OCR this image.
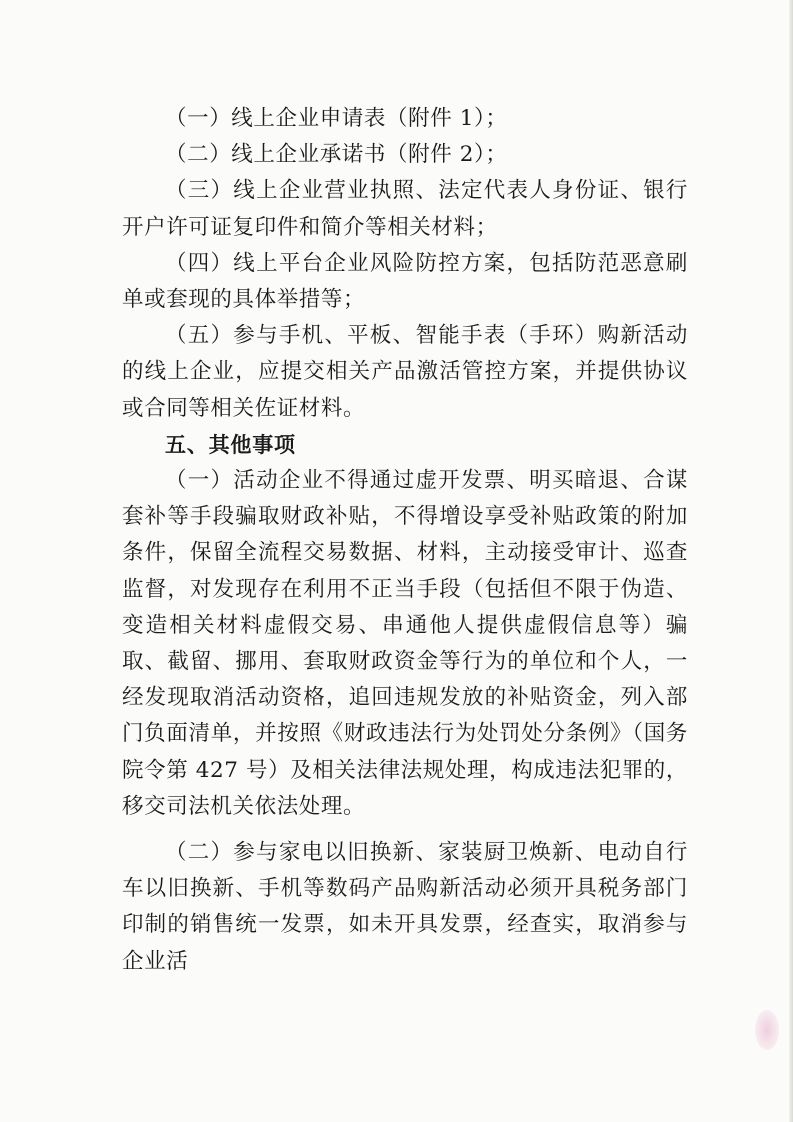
（一）线上企业申请表（附件 1）；

（二）线上企业承诺书（附件 2）；

（三）线上企业营业执照、法定代表人身份证、银行开户许可证复印件和简介等相关材料；

（四）线上平台企业风险防控方案，包括防范恶意刷单或套现的具体举措等；

（五）参与手机、平板、智能手表（手环）购新活动的线上企业，应提交相关产品激活管控方案，并提供协议或合同等相关佐证材料。

五、其他事项

（一）活动企业不得通过虚开发票、明买暗退、合谋套补等手段骗取财政补贴，不得增设享受补贴政策的附加条件，保留全流程交易数据、材料，主动接受审计、巡查监督，对发现存在利用不正当手段（包括但不限于伪造、变造相关材料虚假交易、串通他人提供虚假信息等）骗取、截留、挪用、套取财政资金等行为的单位和个人，一经发现取消活动资格，追回违规发放的补贴资金，列入部门负面清单，并按照《财政违法行为处罚处分条例》（国务院令第 427 号）及相关法律法规处理，构成违法犯罪的，移交司法机关依法处理。

（二）参与家电以旧换新、家装厨卫焕新、电动自行车以旧换新、手机等数码产品购新活动必须开具税务部门印制的销售统一发票，如未开具发票，经查实，取消参与企业活
